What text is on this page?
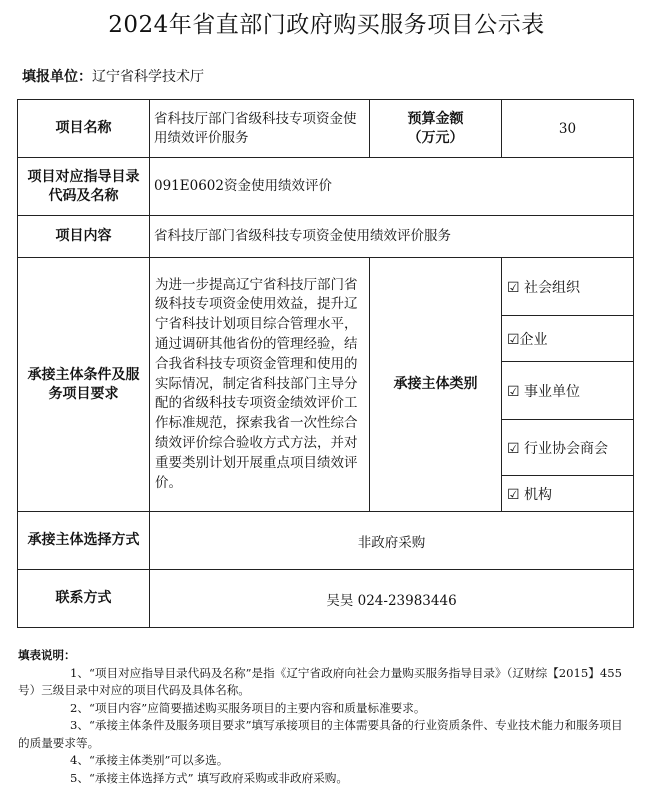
2024年省直部门政府购买服务项目公示表
填报单位：辽宁省科学技术厅
项目名称	省科技厅部门省级科技专项资金使用绩效评价服务	预算金额
（万元）	30
项目对应指导目录代码及名称	091E0602资金使用绩效评价		
项目内容	省科技厅部门省级科技专项资金使用绩效评价服务		
承接主体条件及服务项目要求	为进一步提高辽宁省科技厅部门省级科技专项资金使用效益，提升辽宁省科技计划项目综合管理水平，通过调研其他省份的管理经验，结合我省科技专项资金管理和使用的实际情况，制定省科技部门主导分配的省级科技专项资金绩效评价工作标准规范，探索我省一次性综合绩效评价综合验收方式方法，并对重要类别计划开展重点项目绩效评价。	承接主体类别	☑ 社会组织
			☑企业
			☑ 事业单位
			☑ 行业协会商会
			☑ 机构
承接主体选择方式	非政府采购		
联系方式	吴昊 024-23983446		

填表说明：

1、“项目对应指导目录代码及名称”是指《辽宁省政府向社会力量购买服务指导目录》（辽财综【2015】455号）三级目录中对应的项目代码及具体名称。

2、“项目内容”应简要描述购买服务项目的主要内容和质量标准要求。

3、“承接主体条件及服务项目要求”填写承接项目的主体需要具备的行业资质条件、专业技术能力和服务项目的质量要求等。

4、“承接主体类别”可以多选。

5、“承接主体选择方式” 填写政府采购或非政府采购。
